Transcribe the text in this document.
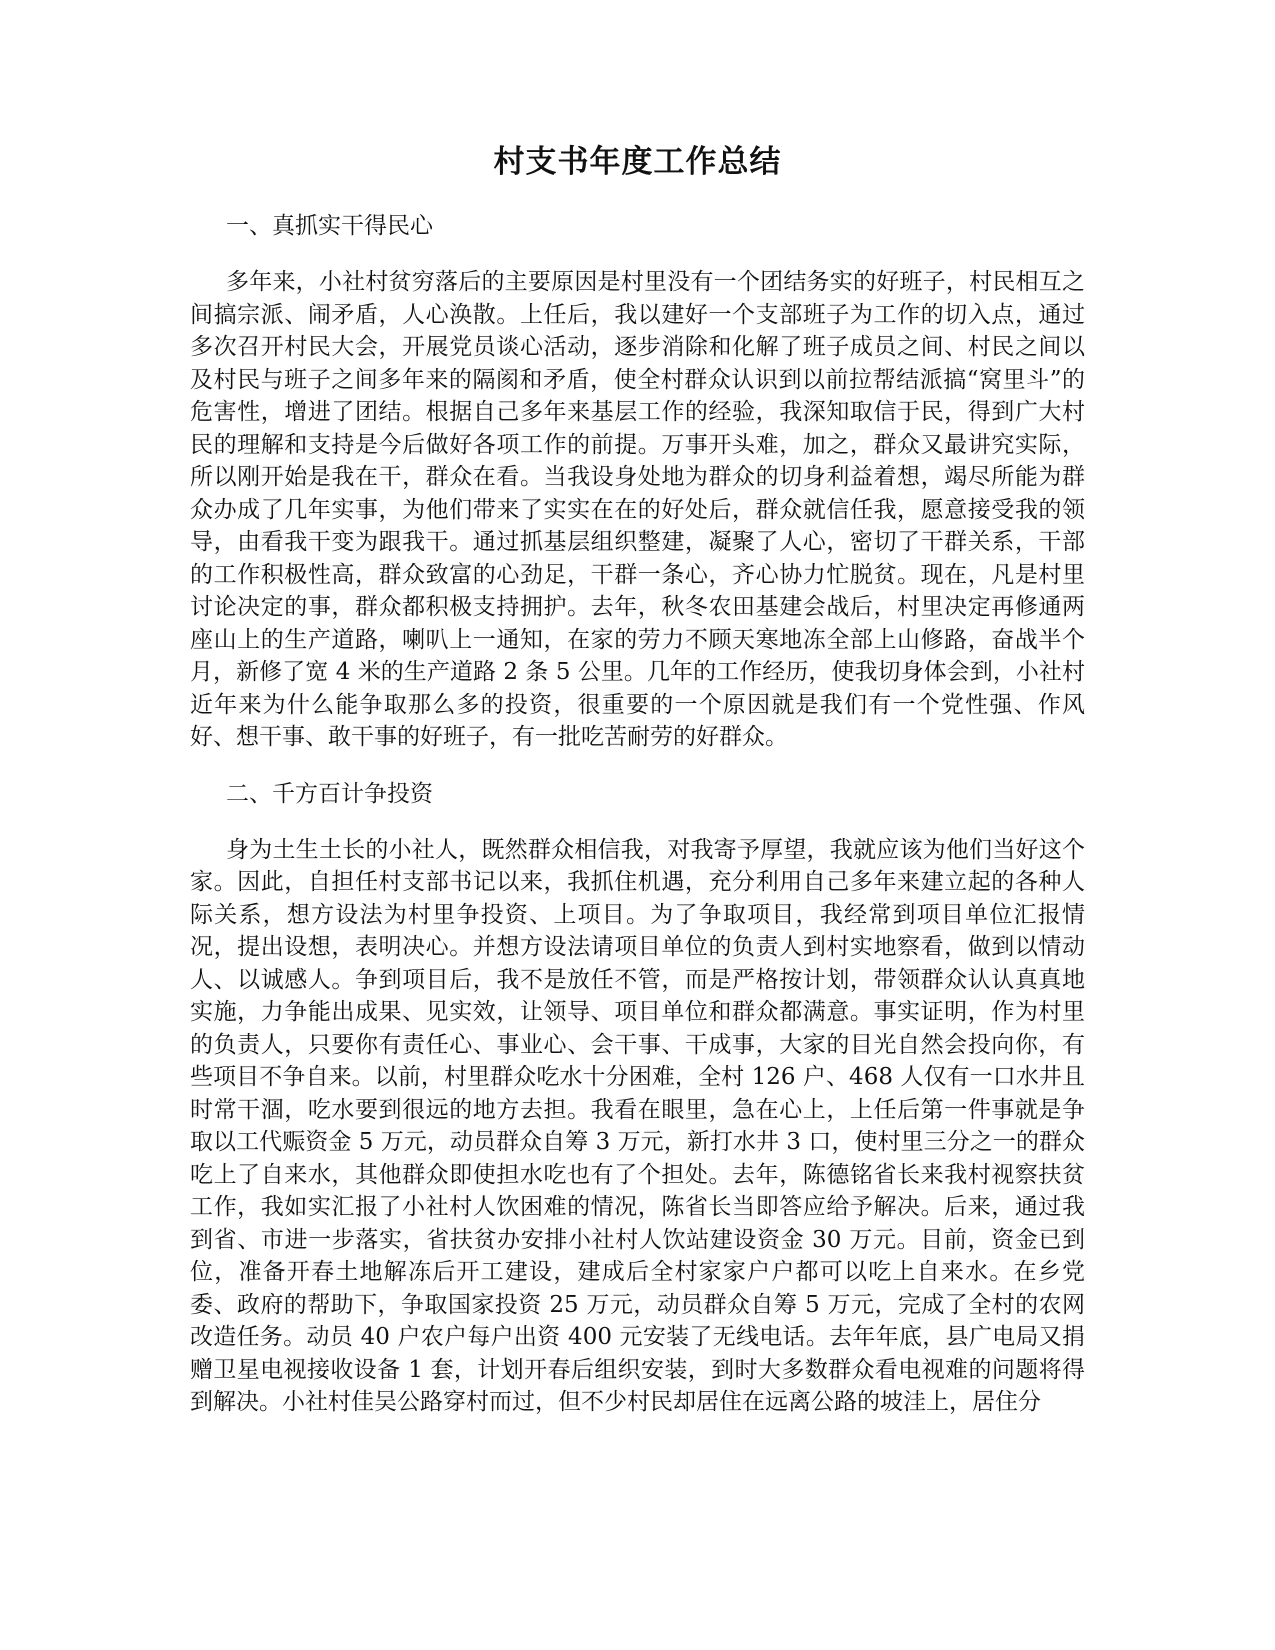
村支书年度工作总结
一、真抓实干得民心
多年来，小社村贫穷落后的主要原因是村里没有一个团结务实的好班子，村民相互之间搞宗派、闹矛盾，人心涣散。上任后，我以建好一个支部班子为工作的切入点，通过多次召开村民大会，开展党员谈心活动，逐步消除和化解了班子成员之间、村民之间以及村民与班子之间多年来的隔阂和矛盾，使全村群众认识到以前拉帮结派搞“窝里斗”的危害性，增进了团结。根据自己多年来基层工作的经验，我深知取信于民，得到广大村民的理解和支持是今后做好各项工作的前提。万事开头难，加之，群众又最讲究实际，所以刚开始是我在干，群众在看。当我设身处地为群众的切身利益着想，竭尽所能为群众办成了几年实事，为他们带来了实实在在的好处后，群众就信任我，愿意接受我的领导，由看我干变为跟我干。通过抓基层组织整建，凝聚了人心，密切了干群关系，干部的工作积极性高，群众致富的心劲足，干群一条心，齐心协力忙脱贫。现在，凡是村里讨论决定的事，群众都积极支持拥护。去年，秋冬农田基建会战后，村里决定再修通两座山上的生产道路，喇叭上一通知，在家的劳力不顾天寒地冻全部上山修路，奋战半个月，新修了宽 4 米的生产道路 2 条 5 公里。几年的工作经历，使我切身体会到，小社村近年来为什么能争取那么多的投资，很重要的一个原因就是我们有一个党性强、作风好、想干事、敢干事的好班子，有一批吃苦耐劳的好群众。
二、千方百计争投资
身为土生土长的小社人，既然群众相信我，对我寄予厚望，我就应该为他们当好这个家。因此，自担任村支部书记以来，我抓住机遇，充分利用自己多年来建立起的各种人际关系，想方设法为村里争投资、上项目。为了争取项目，我经常到项目单位汇报情况，提出设想，表明决心。并想方设法请项目单位的负责人到村实地察看，做到以情动人、以诚感人。争到项目后，我不是放任不管，而是严格按计划，带领群众认认真真地实施，力争能出成果、见实效，让领导、项目单位和群众都满意。事实证明，作为村里的负责人，只要你有责任心、事业心、会干事、干成事，大家的目光自然会投向你，有些项目不争自来。以前，村里群众吃水十分困难，全村 126 户、468 人仅有一口水井且时常干涸，吃水要到很远的地方去担。我看在眼里，急在心上，上任后第一件事就是争取以工代赈资金 5 万元，动员群众自筹 3 万元，新打水井 3 口，使村里三分之一的群众吃上了自来水，其他群众即使担水吃也有了个担处。去年，陈德铭省长来我村视察扶贫工作，我如实汇报了小社村人饮困难的情况，陈省长当即答应给予解决。后来，通过我到省、市进一步落实，省扶贫办安排小社村人饮站建设资金 30 万元。目前，资金已到位，准备开春土地解冻后开工建设，建成后全村家家户户都可以吃上自来水。在乡党委、政府的帮助下，争取国家投资 25 万元，动员群众自筹 5 万元，完成了全村的农网改造任务。动员 40 户农户每户出资 400 元安装了无线电话。去年年底，县广电局又捐赠卫星电视接收设备 1 套，计划开春后组织安装，到时大多数群众看电视难的问题将得到解决。小社村佳吴公路穿村而过，但不少村民却居住在远离公路的坡洼上，居住分
